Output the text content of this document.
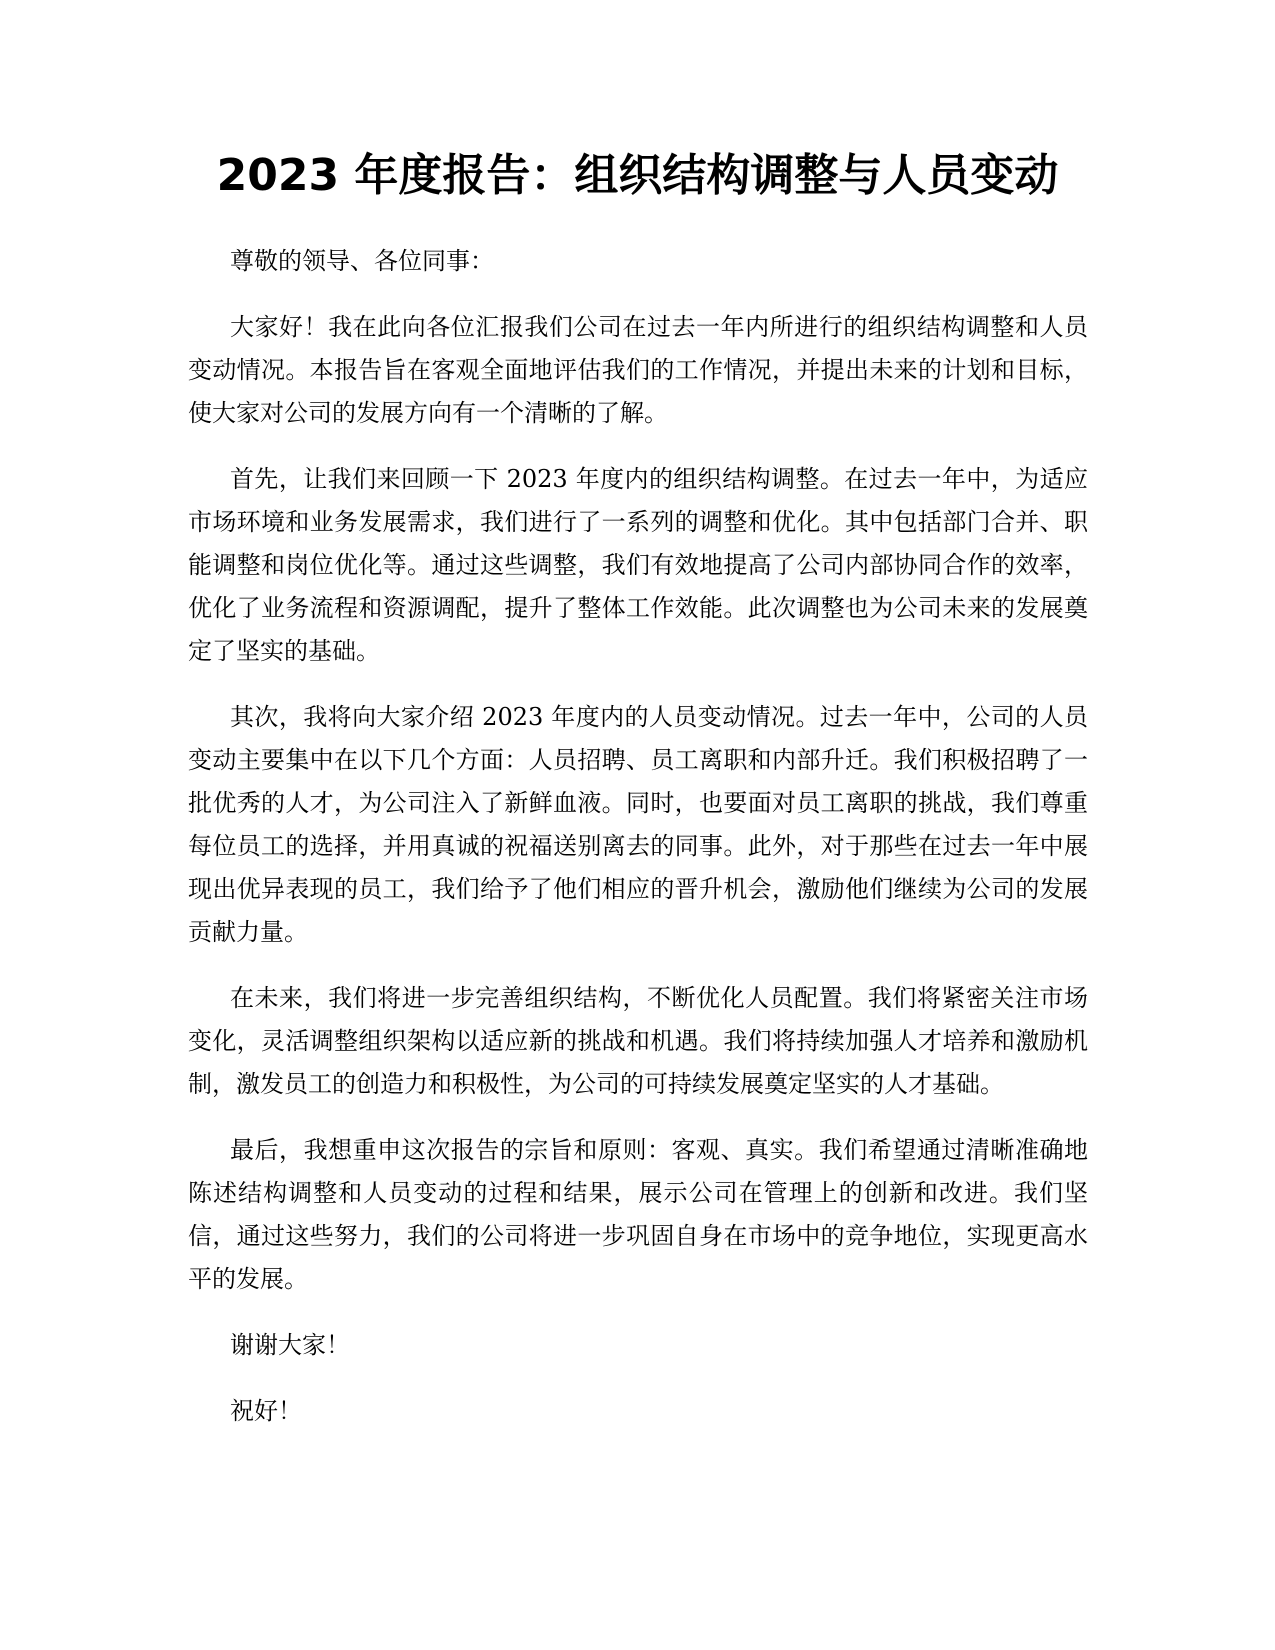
2023 年度报告：组织结构调整与人员变动

尊敬的领导、各位同事：

大家好！我在此向各位汇报我们公司在过去一年内所进行的组织结构调整和人员变动情况。本报告旨在客观全面地评估我们的工作情况，并提出未来的计划和目标，使大家对公司的发展方向有一个清晰的了解。

首先，让我们来回顾一下 2023 年度内的组织结构调整。在过去一年中，为适应市场环境和业务发展需求，我们进行了一系列的调整和优化。其中包括部门合并、职能调整和岗位优化等。通过这些调整，我们有效地提高了公司内部协同合作的效率，优化了业务流程和资源调配，提升了整体工作效能。此次调整也为公司未来的发展奠定了坚实的基础。

其次，我将向大家介绍 2023 年度内的人员变动情况。过去一年中，公司的人员变动主要集中在以下几个方面：人员招聘、员工离职和内部升迁。我们积极招聘了一批优秀的人才，为公司注入了新鲜血液。同时，也要面对员工离职的挑战，我们尊重每位员工的选择，并用真诚的祝福送别离去的同事。此外，对于那些在过去一年中展现出优异表现的员工，我们给予了他们相应的晋升机会，激励他们继续为公司的发展贡献力量。

在未来，我们将进一步完善组织结构，不断优化人员配置。我们将紧密关注市场变化，灵活调整组织架构以适应新的挑战和机遇。我们将持续加强人才培养和激励机制，激发员工的创造力和积极性，为公司的可持续发展奠定坚实的人才基础。

最后，我想重申这次报告的宗旨和原则：客观、真实。我们希望通过清晰准确地陈述结构调整和人员变动的过程和结果，展示公司在管理上的创新和改进。我们坚信，通过这些努力，我们的公司将进一步巩固自身在市场中的竞争地位，实现更高水平的发展。

谢谢大家！

祝好！
